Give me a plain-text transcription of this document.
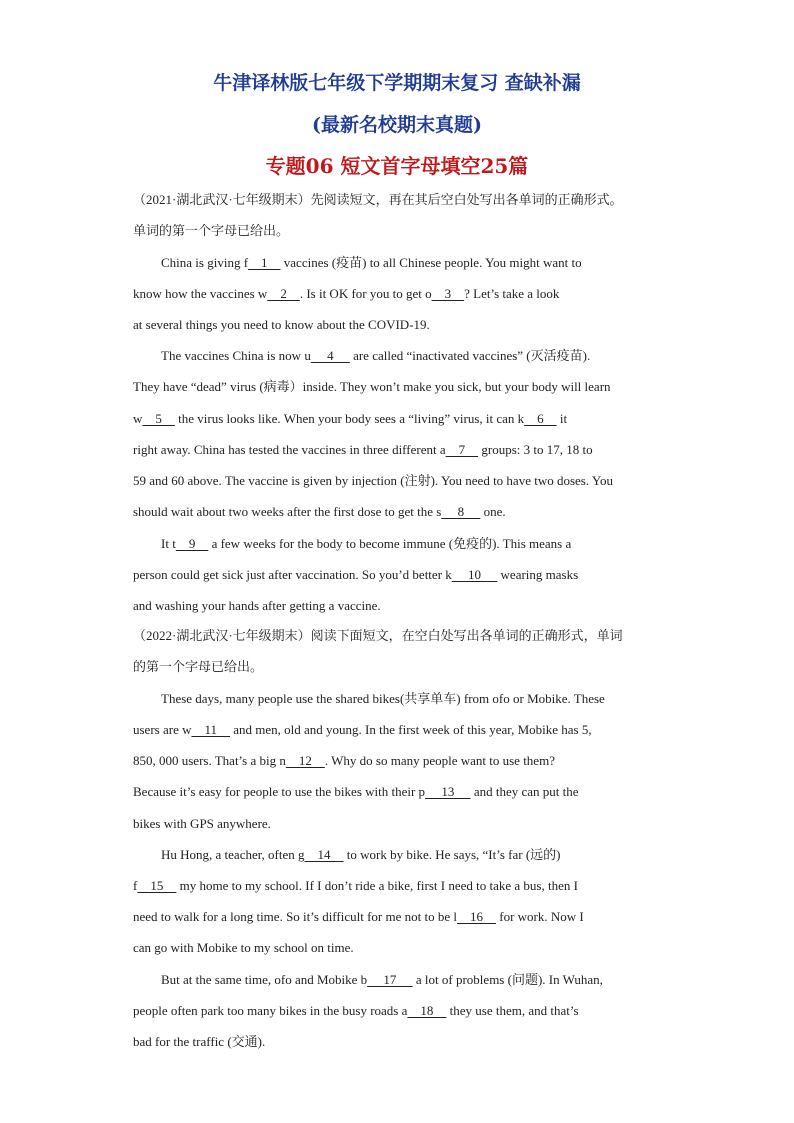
牛津译林版七年级下学期期末复习 查缺补漏
(最新名校期末真题)
专题06 短文首字母填空25篇
（2021·湖北武汉·七年级期末）先阅读短文，再在其后空白处写出各单词的正确形式。
单词的第一个字母已给出。
China is giving f    1     vaccines (疫苗) to all Chinese people. You might want to
know how the vaccines w    2    . Is it OK for you to get o    3    ? Let’s take a look
at several things you need to know about the COVID-19.
The vaccines China is now u     4      are called “inactivated vaccines” (灭活疫苗).
They have “dead” virus (病毒）inside. They won’t make you sick, but your body will learn
w    5     the virus looks like. When your body sees a “living” virus, it can k    6     it
right away. China has tested the vaccines in three different a    7     groups: 3 to 17, 18 to
59 and 60 above. The vaccine is given by injection (注射). You need to have two doses. You
should wait about two weeks after the first dose to get the s     8      one.
It t    9     a few weeks for the body to become immune (免疫的). This means a
person could get sick just after vaccination. So you’d better k     10      wearing masks
and washing your hands after getting a vaccine.
（2022·湖北武汉·七年级期末）阅读下面短文，在空白处写出各单词的正确形式，单词
的第一个字母已给出。
These days, many people use the shared bikes(共享单车) from ofo or Mobike. These
users are w    11     and men, old and young. In the first week of this year, Mobike has 5,
850, 000 users. That’s a big n    12    . Why do so many people want to use them?
Because it’s easy for people to use the bikes with their p     13      and they can put the
bikes with GPS anywhere.
Hu Hong, a teacher, often g    14     to work by bike. He says, “It’s far (远的)
f    15     my home to my school. If I don’t ride a bike, first I need to take a bus, then I
need to walk for a long time. So it’s difficult for me not to be l    16     for work. Now I
can go with Mobike to my school on time.
But at the same time, ofo and Mobike b     17      a lot of problems (问题). In Wuhan,
people often park too many bikes in the busy roads a    18     they use them, and that’s
bad for the traffic (交通).
